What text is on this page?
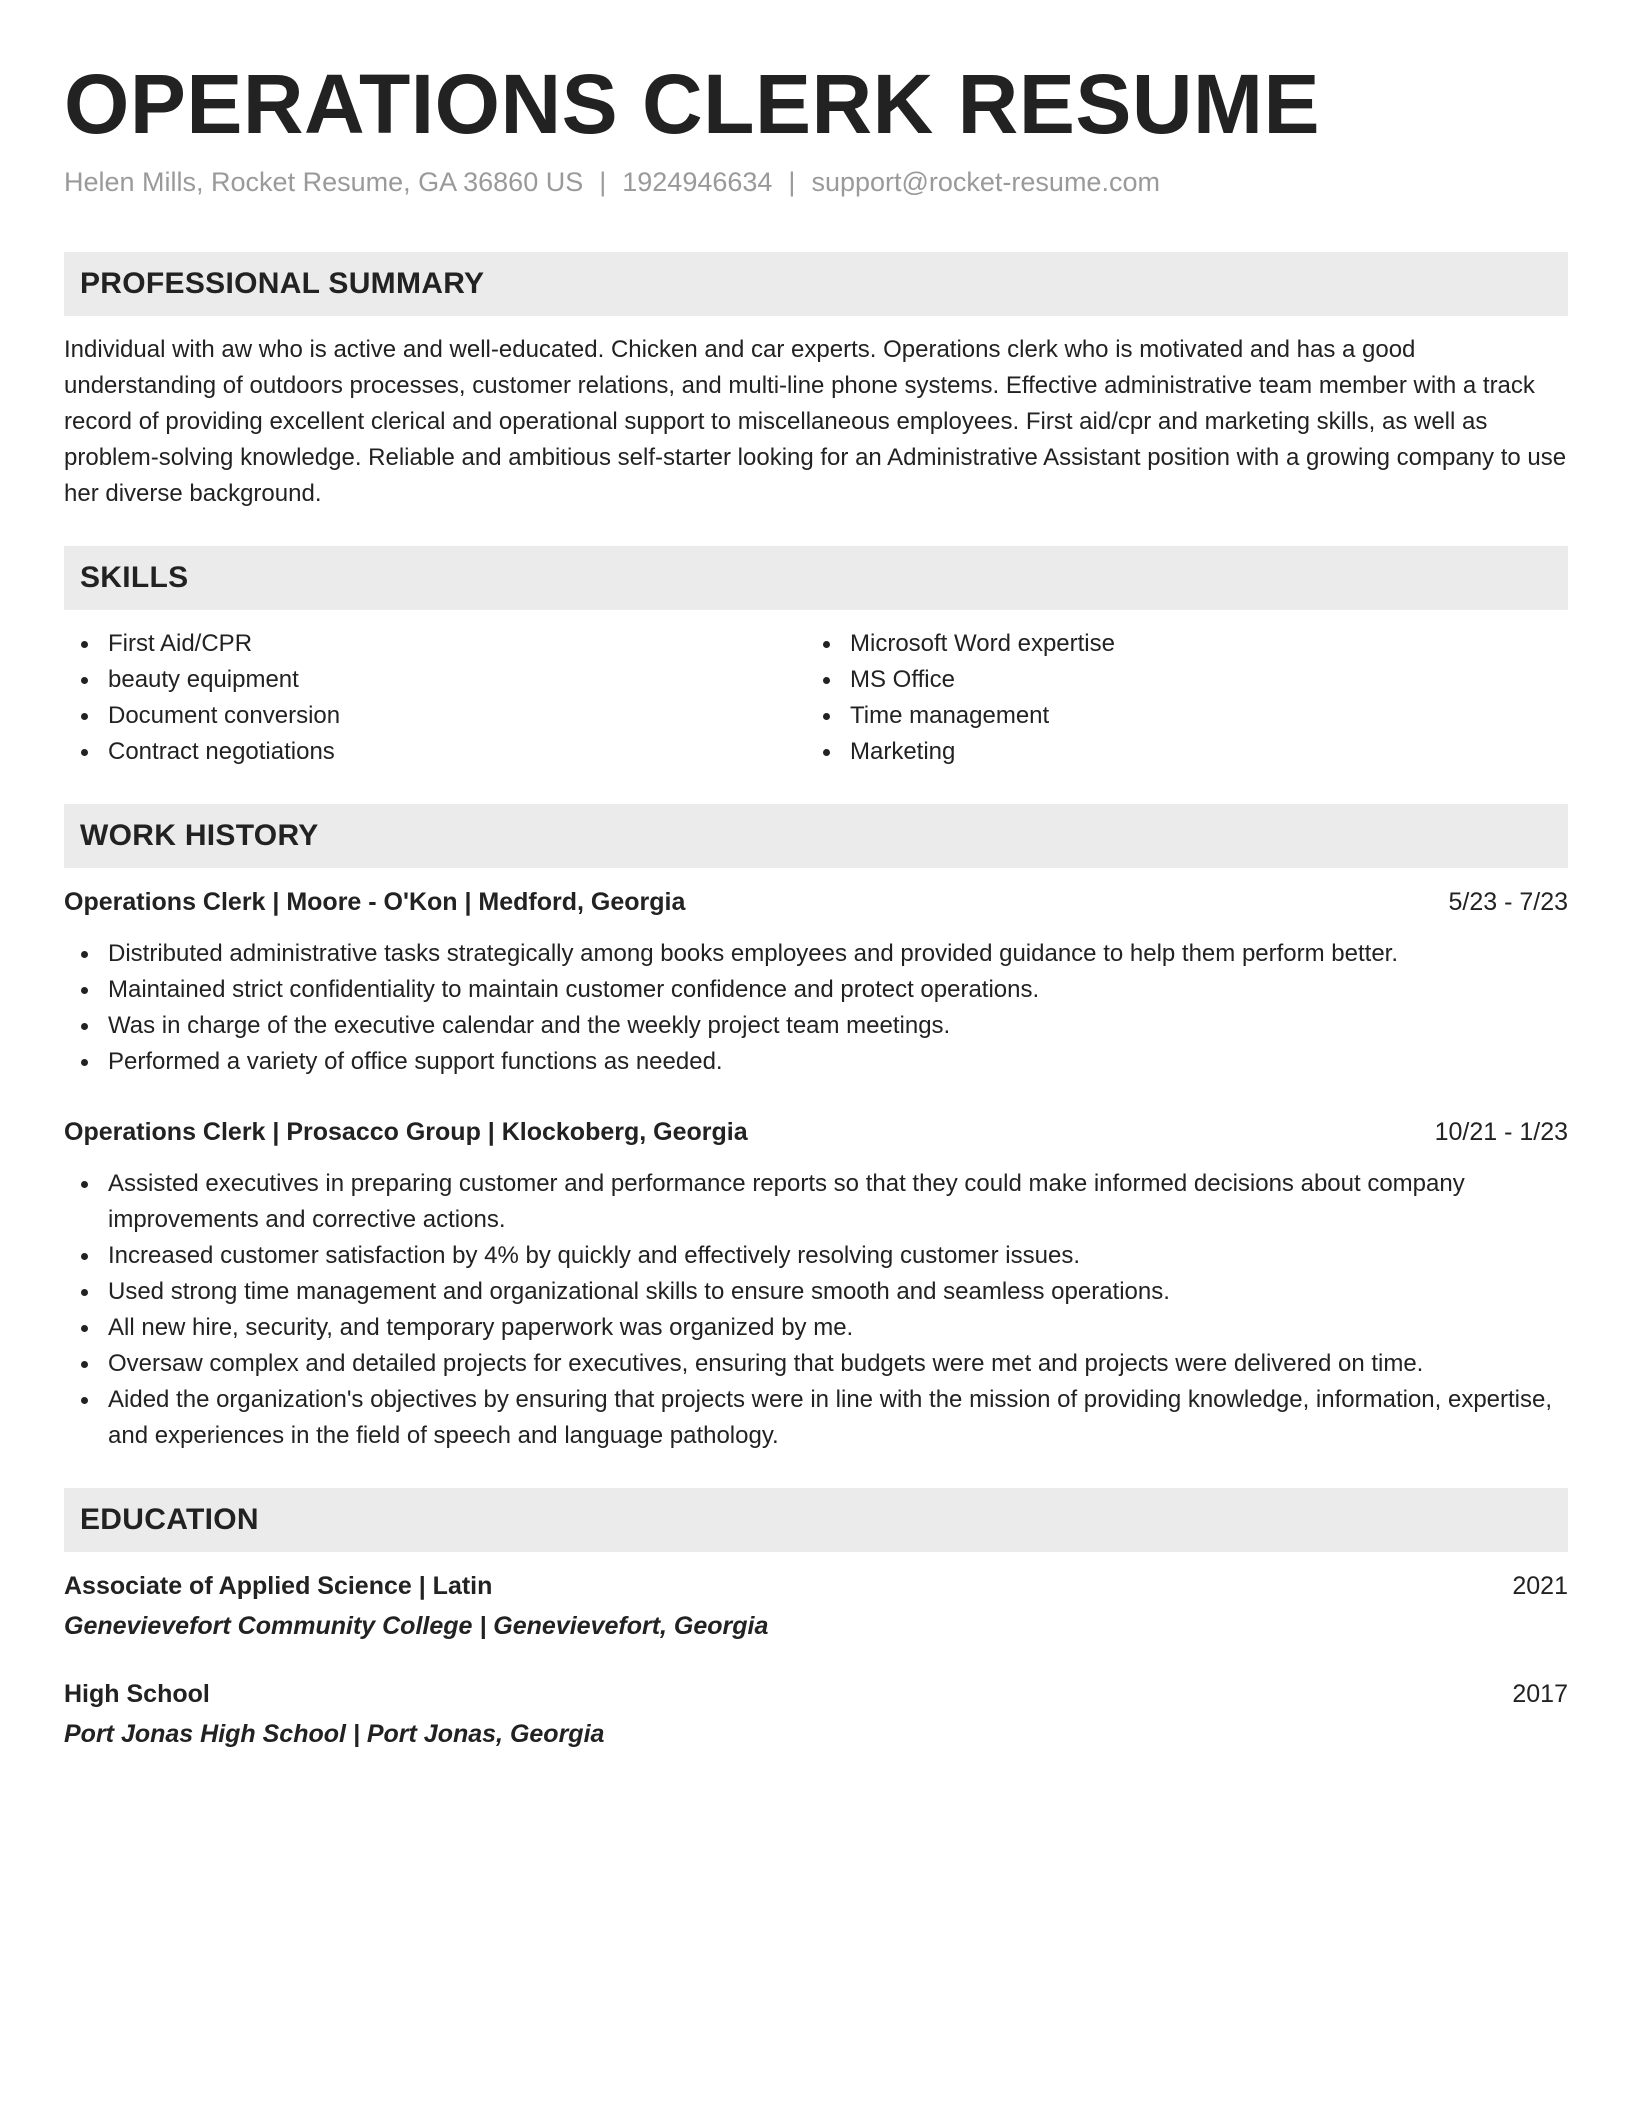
OPERATIONS CLERK RESUME
Helen Mills, Rocket Resume, GA 36860 US | 1924946634 | support@rocket-resume.com
PROFESSIONAL SUMMARY

Individual with aw who is active and well-educated. Chicken and car experts. Operations clerk who is motivated and has a good understanding of outdoors processes, customer relations, and multi-line phone systems. Effective administrative team member with a track record of providing excellent clerical and operational support to miscellaneous employees. First aid/cpr and marketing skills, as well as problem-solving knowledge. Reliable and ambitious self-starter looking for an Administrative Assistant position with a growing company to use her diverse background.

SKILLS
First Aid/CPR
beauty equipment
Document conversion
Contract negotiations
Microsoft Word expertise
MS Office
Time management
Marketing
WORK HISTORY
Operations Clerk | Moore - O'Kon | Medford, Georgia	5/23 - 7/23
Distributed administrative tasks strategically among books employees and provided guidance to help them perform better.
Maintained strict confidentiality to maintain customer confidence and protect operations.
Was in charge of the executive calendar and the weekly project team meetings.
Performed a variety of office support functions as needed.
Operations Clerk | Prosacco Group | Klockoberg, Georgia	10/21 - 1/23
Assisted executives in preparing customer and performance reports so that they could make informed decisions about company improvements and corrective actions.
Increased customer satisfaction by 4% by quickly and effectively resolving customer issues.
Used strong time management and organizational skills to ensure smooth and seamless operations.
All new hire, security, and temporary paperwork was organized by me.
Oversaw complex and detailed projects for executives, ensuring that budgets were met and projects were delivered on time.
Aided the organization's objectives by ensuring that projects were in line with the mission of providing knowledge, information, expertise, and experiences in the field of speech and language pathology.
EDUCATION
Associate of Applied Science | Latin	2021
Genevievefort Community College | Genevievefort, Georgia
High School	2017
Port Jonas High School | Port Jonas, Georgia
